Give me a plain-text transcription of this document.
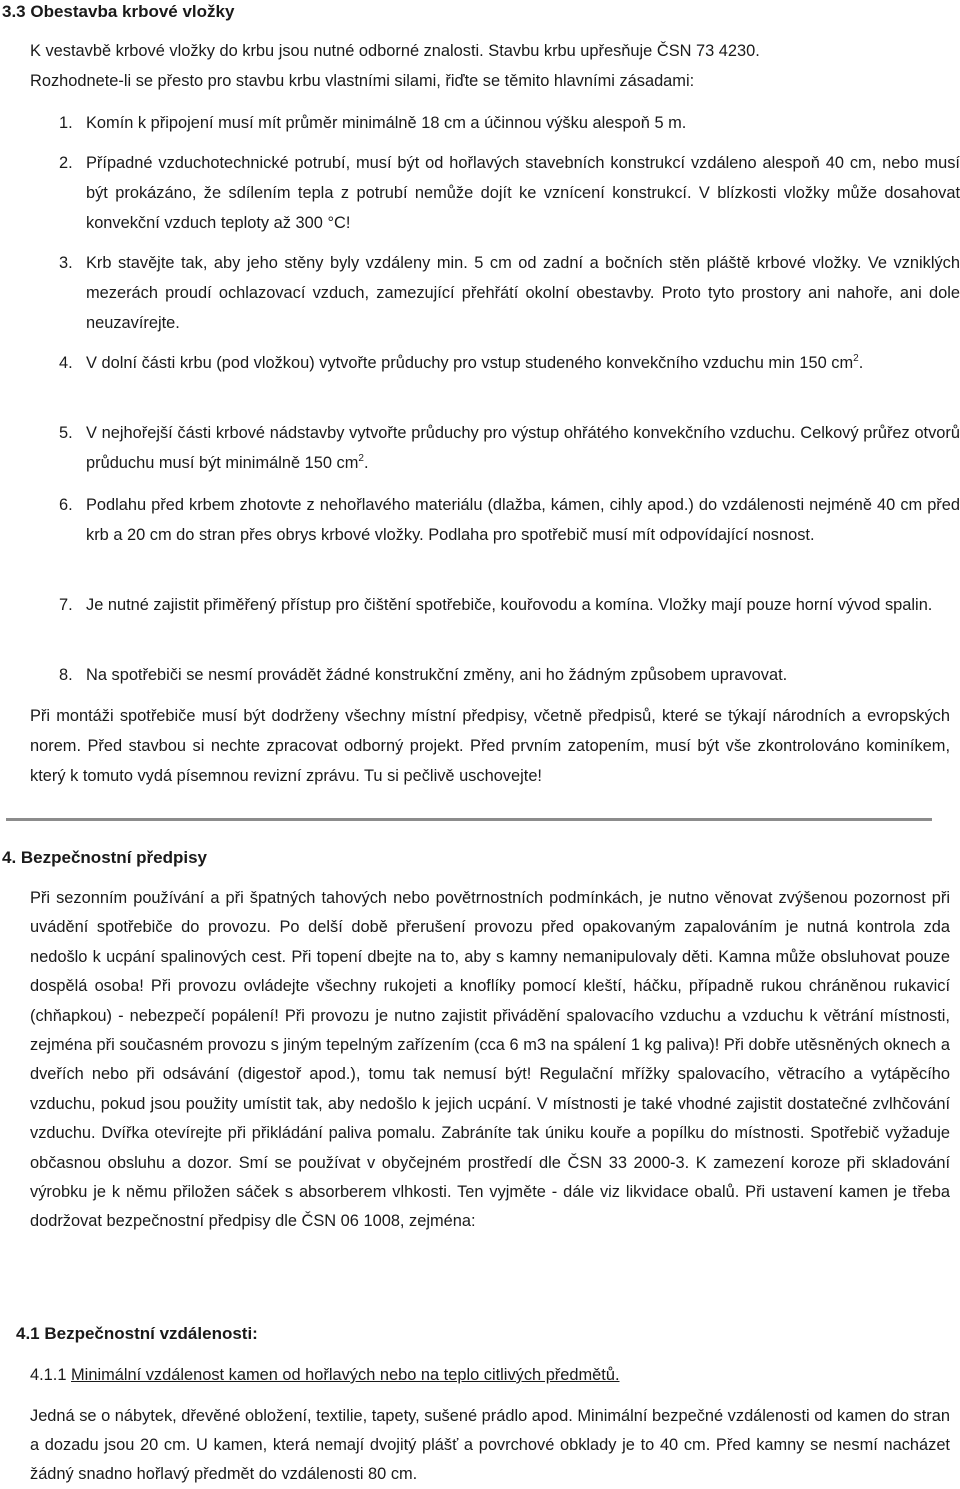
3.3 Obestavba krbové vložky

K vestavbě krbové vložky do krbu jsou nutné odborné znalosti. Stavbu krbu upřesňuje ČSN 73 4230.

Rozhodnete-li se přesto pro stavbu krbu vlastními silami, řiďte se těmito hlavními zásadami:

1. Komín k připojení musí mít průměr minimálně 18 cm a účinnou výšku alespoň 5 m.
2. Případné vzduchotechnické potrubí, musí být od hořlavých stavebních konstrukcí vzdáleno alespoň 40 cm, nebo musí být prokázáno, že sdílením tepla z potrubí nemůže dojít ke vznícení konstrukcí. V blízkosti vložky může dosahovat konvekční vzduch teploty až 300 °C!
3. Krb stavějte tak, aby jeho stěny byly vzdáleny min. 5 cm od zadní a bočních stěn pláště krbové vložky. Ve vzniklých mezerách proudí ochlazovací vzduch, zamezující přehřátí okolní obestavby. Proto tyto prostory ani nahoře, ani dole neuzavírejte.
4. V dolní části krbu (pod vložkou) vytvořte průduchy pro vstup studeného konvekčního vzduchu min 150 $cm^2$.
5. V nejhořejší části krbové nádstavby vytvořte průduchy pro výstup ohřátého konvekčního vzduchu. Celkový průřez otvorů průduchu musí být minimálně 150 $cm^2$.
6. Podlahu před krbem zhotovte z nehořlavého materiálu (dlažba, kámen, cihly apod.) do vzdálenosti nejméně 40 cm před krb a 20 cm do stran přes obrys krbové vložky. Podlaha pro spotřebič musí mít odpovídající nosnost.
7. Je nutné zajistit přiměřený přístup pro čištění spotřebiče, kouřovodu a komína. Vložky mají pouze horní vývod spalin.
8. Na spotřebiči se nesmí provádět žádné konstrukční změny, ani ho žádným způsobem upravovat.

Při montáži spotřebiče musí být dodrženy všechny místní předpisy, včetně předpisů, které se týkají národních a evropských norem. Před stavbou si nechte zpracovat odborný projekt. Před prvním zatopením, musí být vše zkontrolováno kominíkem, který k tomuto vydá písemnou revizní zprávu. Tu si pečlivě uschovejte!

4. Bezpečnostní předpisy

Při sezonním používání a při špatných tahových nebo povětrnostních podmínkách, je nutno věnovat zvýšenou pozornost při uvádění spotřebiče do provozu. Po delší době přerušení provozu před opakovaným zapalováním je nutná kontrola zda nedošlo k ucpání spalinových cest. Při topení dbejte na to, aby s kamny nemanipulovaly děti. Kamna může obsluhovat pouze dospělá osoba! Při provozu ovládejte všechny rukojeti a knoflíky pomocí kleští, háčku, případně rukou chráněnou rukavicí (chňapkou) - nebezpečí popálení! Při provozu je nutno zajistit přivádění spalovacího vzduchu a vzduchu k větrání místnosti, zejména při současném provozu s jiným tepelným zařízením (cca 6 m3 na spálení 1 kg paliva)! Při dobře utěsněných oknech a dveřích nebo při odsávání (digestoř apod.), tomu tak nemusí být! Regulační mřížky spalovacího, větracího a vytápěcího vzduchu, pokud jsou použity umístit tak, aby nedošlo k jejich ucpání. V místnosti je také vhodné zajistit dostatečné zvlhčování vzduchu. Dvířka otevírejte při přikládání paliva pomalu. Zabráníte tak úniku kouře a popílku do místnosti. Spotřebič vyžaduje občasnou obsluhu a dozor. Smí se používat v obyčejném prostředí dle ČSN 33 2000-3. K zamezení koroze při skladování výrobku je k němu přiložen sáček s absorberem vlhkosti. Ten vyjměte - dále viz likvidace obalů. Při ustavení kamen je třeba dodržovat bezpečnostní předpisy dle ČSN 06 1008, zejména:

4.1 Bezpečnostní vzdálenosti:

4.1.1 Minimální vzdálenost kamen od hořlavých nebo na teplo citlivých předmětů.

Jedná se o nábytek, dřevěné obložení, textilie, tapety, sušené prádlo apod. Minimální bezpečné vzdálenosti od kamen do stran a dozadu jsou 20 cm. U kamen, která nemají dvojitý plášť a povrchové obklady je to 40 cm. Před kamny se nesmí nacházet žádný snadno hořlavý předmět do vzdálenosti 80 cm.
